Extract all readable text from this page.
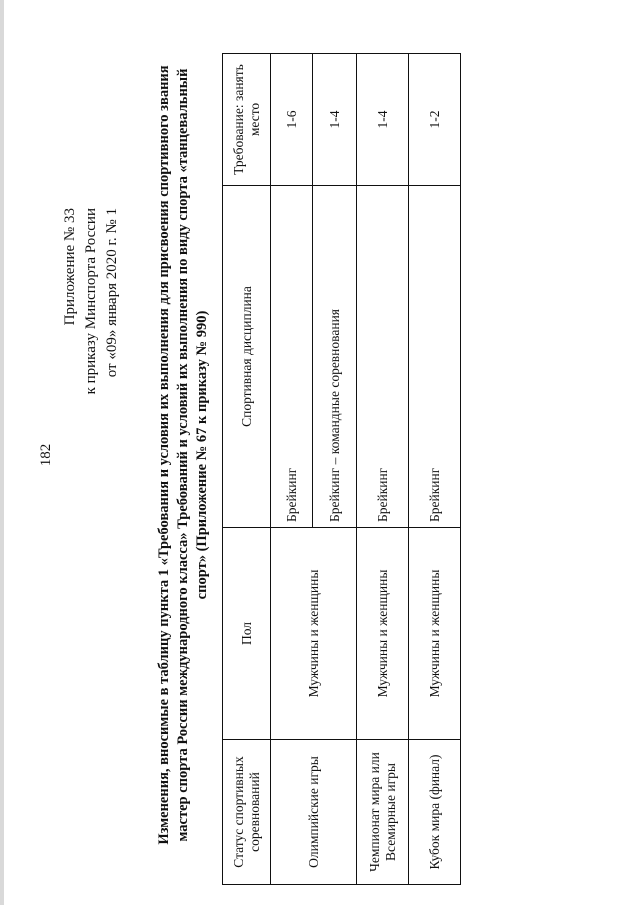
182
Приложение № 33 к приказу Минспорта России от «09» января 2020 г. № 1 Изменения, вносимые в таблицу пункта 1 «Требования и условия их выполнения для присвоения спортивного звания мастер спорта России международного класса» Требований и условий их выполнения по виду спорта «танцевальный спорт» (Приложение № 67 к приказу № 990)
Статус спортивных соревнований	Пол	Спортивная дисциплина	Требование: занять место
Олимпийские игры	Мужчины и женщины	Брейкинг	1-6
		Брейкинг – командные соревнования	1-4
Чемпионат мира или Всемирные игры	Мужчины и женщины	Брейкинг	1-4
Кубок мира (финал)	Мужчины и женщины	Брейкинг	1-2
